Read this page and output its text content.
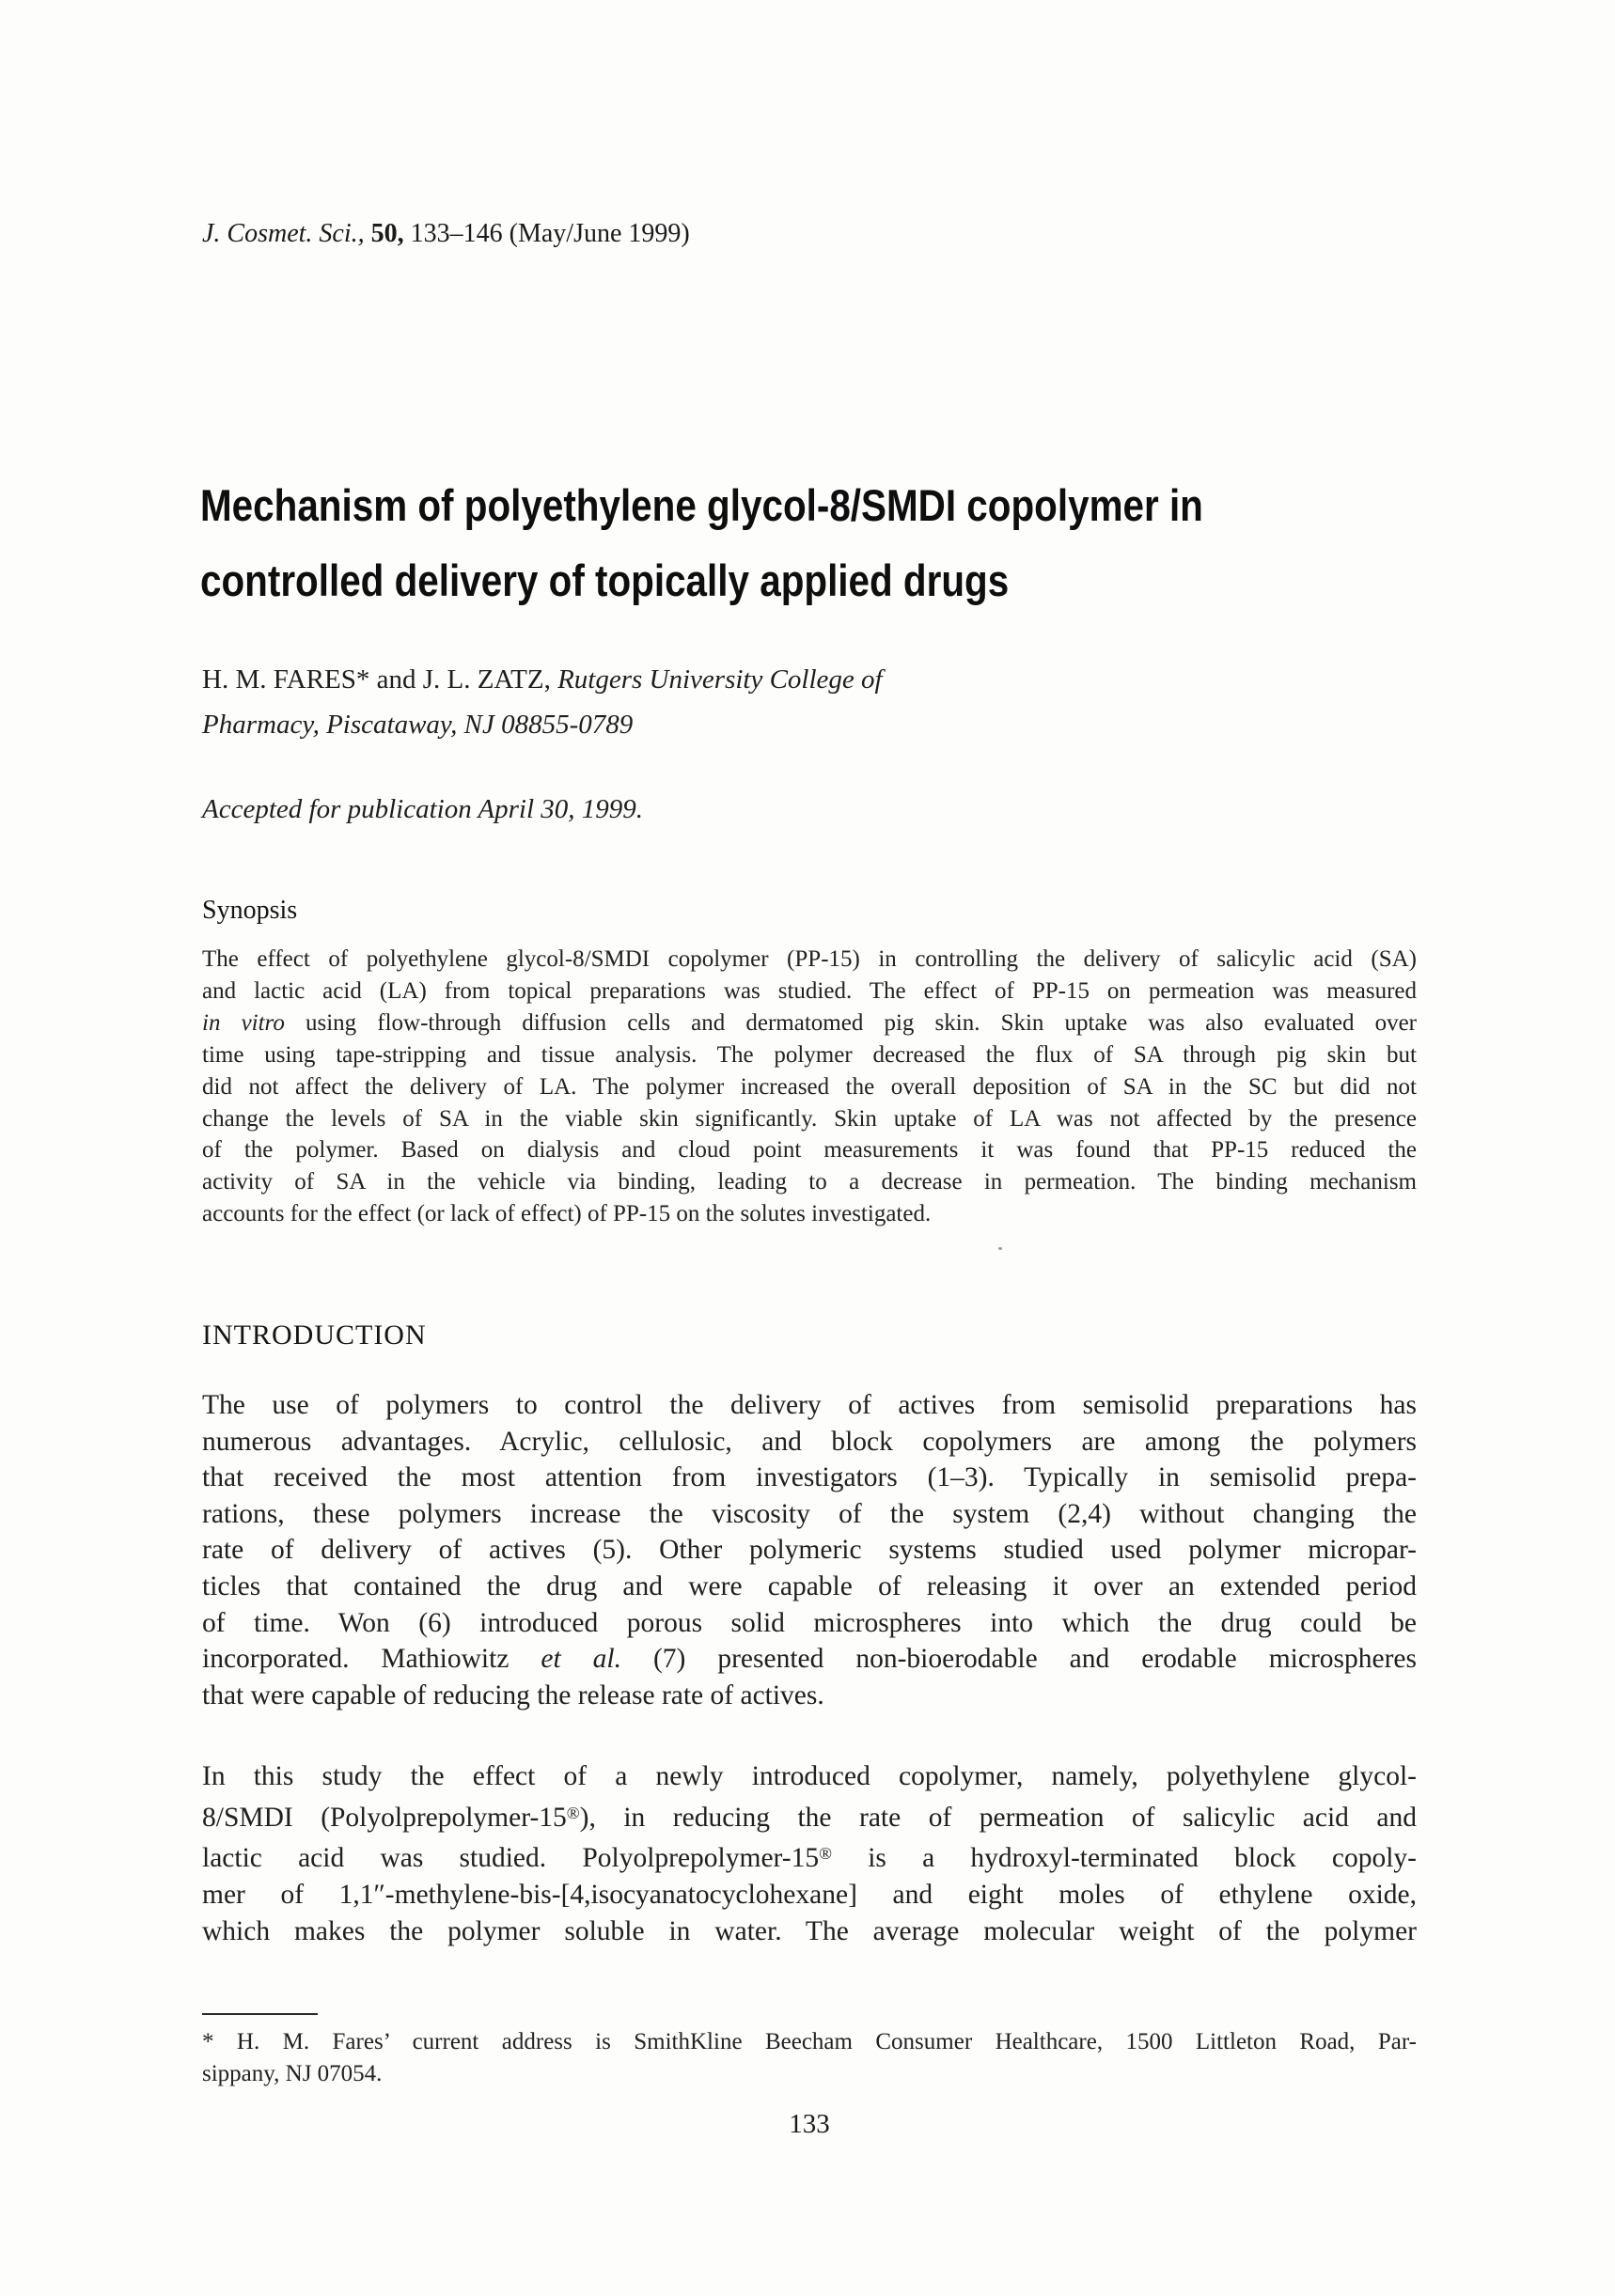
J. Cosmet. Sci., 50, 133–146 (May/June 1999)
Mechanism of polyethylene glycol-8/SMDI copolymer in
controlled delivery of topically applied drugs
H. M. FARES* and J. L. ZATZ, Rutgers University College of
Pharmacy, Piscataway, NJ 08855-0789
Accepted for publication April 30, 1999.
Synopsis
The effect of polyethylene glycol-8/SMDI copolymer (PP-15) in controlling the delivery of salicylic acid (SA)
and lactic acid (LA) from topical preparations was studied. The effect of PP-15 on permeation was measured
in vitro using flow-through diffusion cells and dermatomed pig skin. Skin uptake was also evaluated over
time using tape-stripping and tissue analysis. The polymer decreased the flux of SA through pig skin but
did not affect the delivery of LA. The polymer increased the overall deposition of SA in the SC but did not
change the levels of SA in the viable skin significantly. Skin uptake of LA was not affected by the presence
of the polymer. Based on dialysis and cloud point measurements it was found that PP-15 reduced the
activity of SA in the vehicle via binding, leading to a decrease in permeation. The binding mechanism
accounts for the effect (or lack of effect) of PP-15 on the solutes investigated.
INTRODUCTION
The use of polymers to control the delivery of actives from semisolid preparations has
numerous advantages. Acrylic, cellulosic, and block copolymers are among the polymers
that received the most attention from investigators (1–3). Typically in semisolid prepa-
rations, these polymers increase the viscosity of the system (2,4) without changing the
rate of delivery of actives (5). Other polymeric systems studied used polymer micropar-
ticles that contained the drug and were capable of releasing it over an extended period
of time. Won (6) introduced porous solid microspheres into which the drug could be
incorporated. Mathiowitz et al. (7) presented non-bioerodable and erodable microspheres
that were capable of reducing the release rate of actives.
In this study the effect of a newly introduced copolymer, namely, polyethylene glycol-
8/SMDI (Polyolprepolymer-15®), in reducing the rate of permeation of salicylic acid and
lactic acid was studied. Polyolprepolymer-15® is a hydroxyl-terminated block copoly-
mer of 1,1″-methylene-bis-[4,isocyanatocyclohexane] and eight moles of ethylene oxide,
which makes the polymer soluble in water. The average molecular weight of the polymer
* H. M. Fares’ current address is SmithKline Beecham Consumer Healthcare, 1500 Littleton Road, Par-
sippany, NJ 07054.
133
